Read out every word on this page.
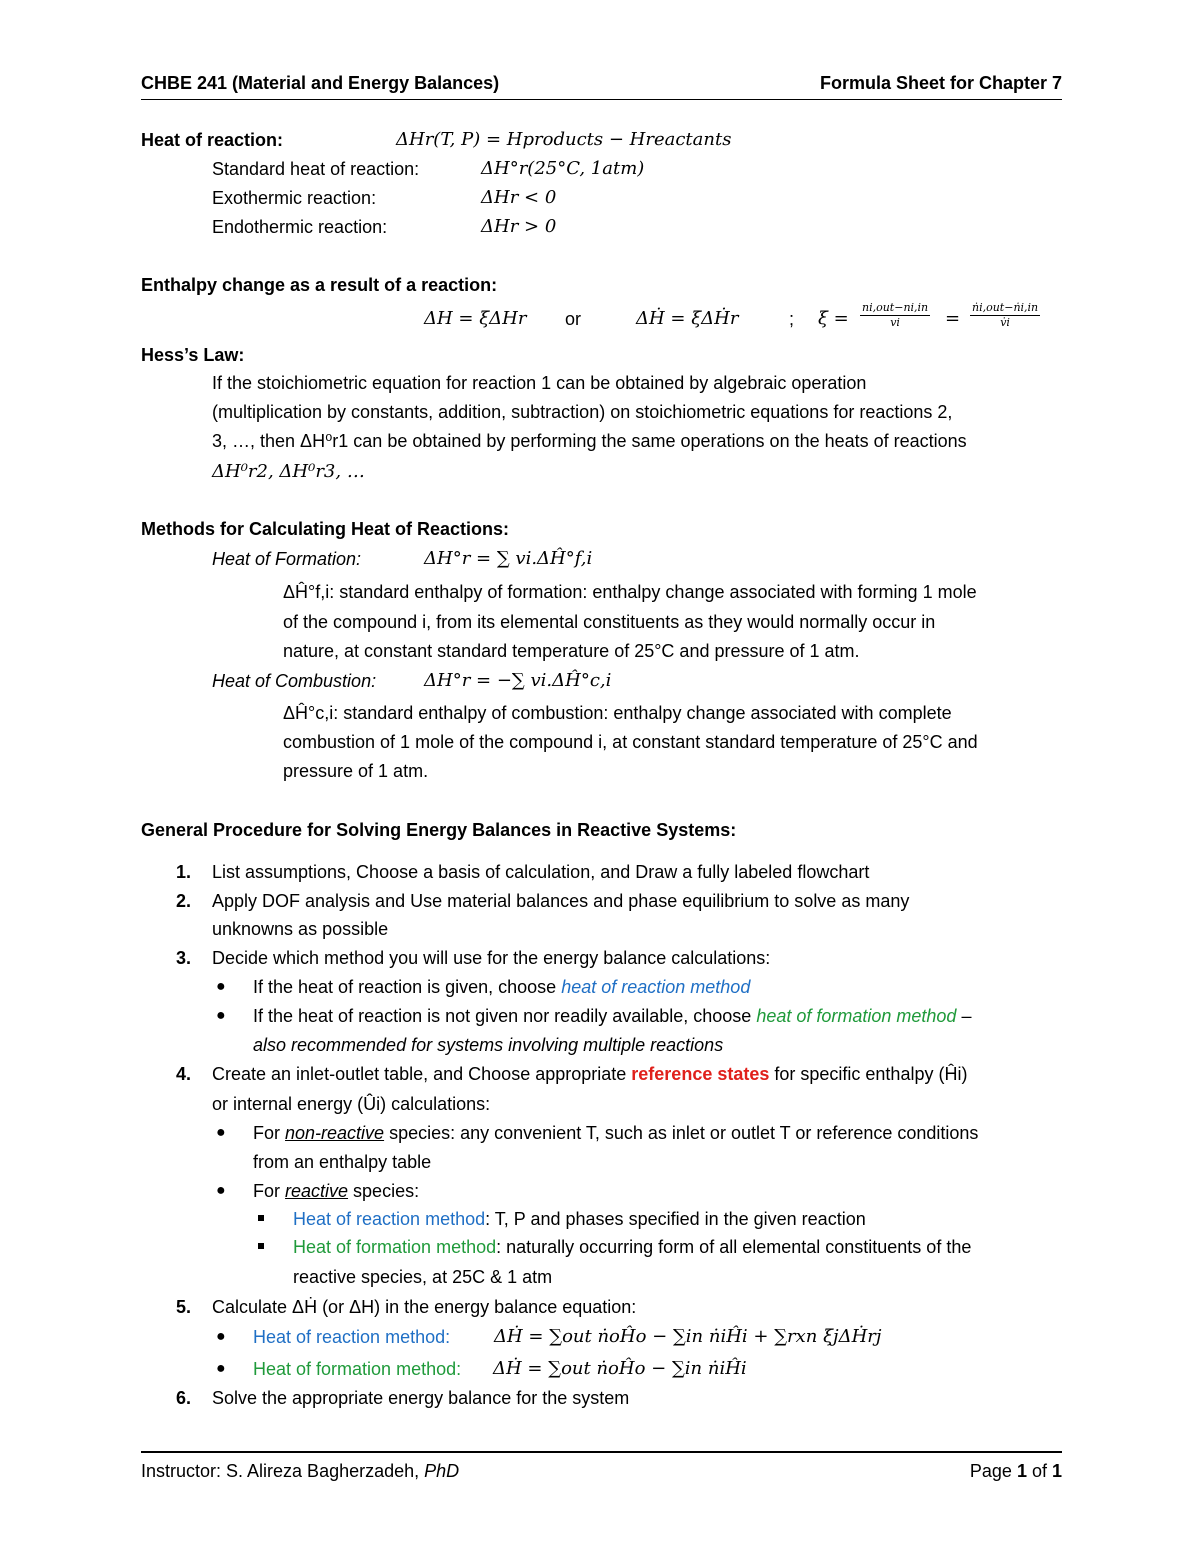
CHBE 241 (Material and Energy Balances)	Formula Sheet for Chapter 7
Heat of reaction:	ΔHr(T, P) = Hproducts − Hreactants
Standard heat of reaction:	ΔH°r(25°C, 1atm)
Exothermic reaction:	ΔHr < 0
Endothermic reaction:	ΔHr > 0
Enthalpy change as a result of a reaction:
ΔH = ξΔHr or	ΔḢ = ξΔḢr	; $\xi = \frac{\text{ni,out−ni,in}}{vi} = \frac{\text{ṅi,out−ṅi,in}}{v̇i}$
Hess’s Law:
If the stoichiometric equation for reaction 1 can be obtained by algebraic operation
(multiplication by constants, addition, subtraction) on stoichiometric equations for reactions 2,
3, …, then ΔH⁰r1 can be obtained by performing the same operations on the heats of reactions
ΔH⁰r2, ΔH⁰r3, …
Methods for Calculating Heat of Reactions:
Heat of Formation:	ΔH°r = ∑ vi.ΔĤ°f,i
ΔĤ°f,i: standard enthalpy of formation: enthalpy change associated with forming 1 mole
of the compound i, from its elemental constituents as they would normally occur in
nature, at constant standard temperature of 25°C and pressure of 1 atm.
Heat of Combustion:	ΔH°r = −∑ vi.ΔĤ°c,i
ΔĤ°c,i: standard enthalpy of combustion: enthalpy change associated with complete
combustion of 1 mole of the compound i, at constant standard temperature of 25°C and
pressure of 1 atm.
General Procedure for Solving Energy Balances in Reactive Systems:
1. List assumptions, Choose a basis of calculation, and Draw a fully labeled flowchart
2. Apply DOF analysis and Use material balances and phase equilibrium to solve as many
unknowns as possible
3. Decide which method you will use for the energy balance calculations:
● If the heat of reaction is given, choose heat of reaction method
● If the heat of reaction is not given nor readily available, choose heat of formation method –
also recommended for systems involving multiple reactions
4. Create an inlet-outlet table, and Choose appropriate reference states for specific enthalpy (Ĥi)
or internal energy (Ûi) calculations:
● For non-reactive species: any convenient T, such as inlet or outlet T or reference conditions
from an enthalpy table
● For reactive species:
Heat of reaction method: T, P and phases specified in the given reaction
Heat of formation method: naturally occurring form of all elemental constituents of the
reactive species, at 25C & 1 atm
5. Calculate ΔḢ (or ΔH) in the energy balance equation:
● Heat of reaction method: ΔḢ = ∑out ṅoĤo − ∑in ṅiĤi + ∑rxn ξjΔḢrj
● Heat of formation method: ΔḢ = ∑out ṅoĤo − ∑in ṅiĤi
6. Solve the appropriate energy balance for the system
Instructor: S. Alireza Bagherzadeh, PhD	Page 1 of 1
